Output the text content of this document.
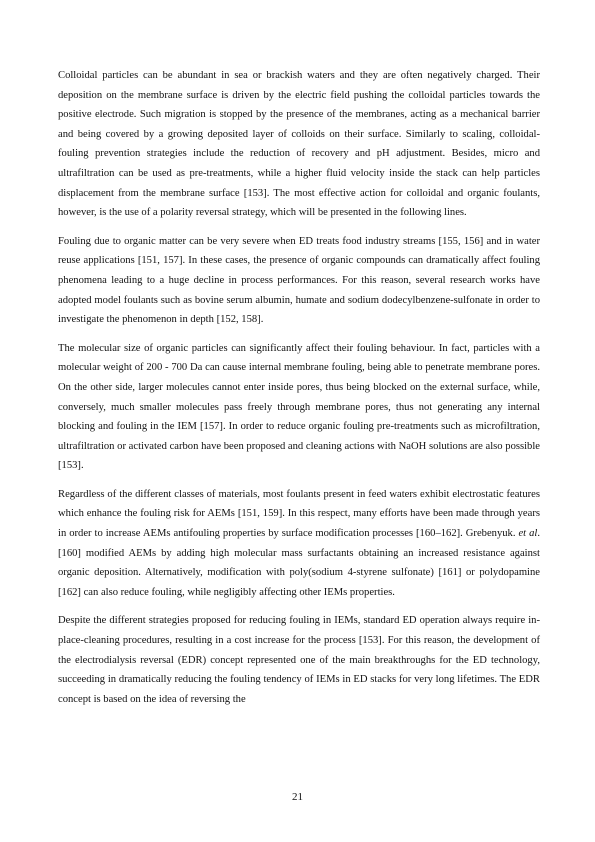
Colloidal particles can be abundant in sea or brackish waters and they are often negatively charged. Their deposition on the membrane surface is driven by the electric field pushing the colloidal particles towards the positive electrode. Such migration is stopped by the presence of the membranes, acting as a mechanical barrier and being covered by a growing deposited layer of colloids on their surface. Similarly to scaling, colloidal-fouling prevention strategies include the reduction of recovery and pH adjustment. Besides, micro and ultrafiltration can be used as pre-treatments, while a higher fluid velocity inside the stack can help particles displacement from the membrane surface [153]. The most effective action for colloidal and organic foulants, however, is the use of a polarity reversal strategy, which will be presented in the following lines.

Fouling due to organic matter can be very severe when ED treats food industry streams [155, 156] and in water reuse applications [151, 157]. In these cases, the presence of organic compounds can dramatically affect fouling phenomena leading to a huge decline in process performances. For this reason, several research works have adopted model foulants such as bovine serum albumin, humate and sodium dodecylbenzene-sulfonate in order to investigate the phenomenon in depth [152, 158].

The molecular size of organic particles can significantly affect their fouling behaviour. In fact, particles with a molecular weight of 200 - 700 Da can cause internal membrane fouling, being able to penetrate membrane pores. On the other side, larger molecules cannot enter inside pores, thus being blocked on the external surface, while, conversely, much smaller molecules pass freely through membrane pores, thus not generating any internal blocking and fouling in the IEM [157]. In order to reduce organic fouling pre-treatments such as microfiltration, ultrafiltration or activated carbon have been proposed and cleaning actions with NaOH solutions are also possible [153].

Regardless of the different classes of materials, most foulants present in feed waters exhibit electrostatic features which enhance the fouling risk for AEMs [151, 159]. In this respect, many efforts have been made through years in order to increase AEMs antifouling properties by surface modification processes [160–162]. Grebenyuk. et al. [160] modified AEMs by adding high molecular mass surfactants obtaining an increased resistance against organic deposition. Alternatively, modification with poly(sodium 4-styrene sulfonate) [161] or polydopamine [162] can also reduce fouling, while negligibly affecting other IEMs properties.

Despite the different strategies proposed for reducing fouling in IEMs, standard ED operation always require in-place-cleaning procedures, resulting in a cost increase for the process [153]. For this reason, the development of the electrodialysis reversal (EDR) concept represented one of the main breakthroughs for the ED technology, succeeding in dramatically reducing the fouling tendency of IEMs in ED stacks for very long lifetimes. The EDR concept is based on the idea of reversing the

21
